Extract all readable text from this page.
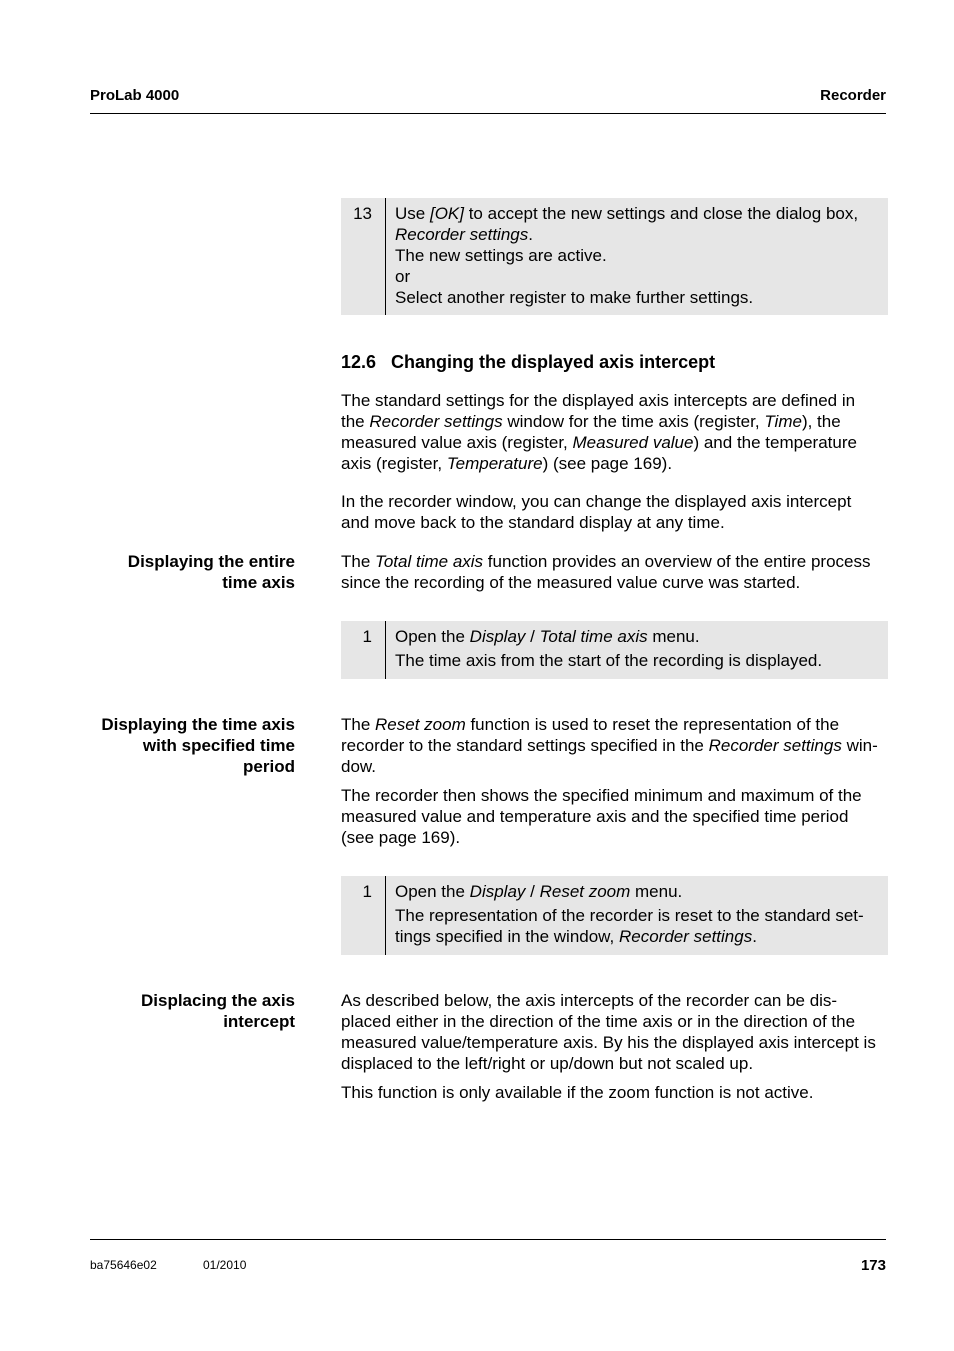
ProLab 4000	Recorder
13 Use [OK] to accept the new settings and close the dialog box,

Recorder settings.

The new settings are active.

or

Select another register to make further settings.

12.6 Changing the displayed axis intercept

The standard settings for the displayed axis intercepts are defined in

the Recorder settings window for the time axis (register, Time), the

measured value axis (register, Measured value) and the temperature

axis (register, Temperature) (see page 169).

In the recorder window, you can change the displayed axis intercept

and move back to the standard display at any time.

Displaying the entire

time axis

The Total time axis function provides an overview of the entire process

since the recording of the measured value curve was started.

1 Open the Display / Total time axis menu.

The time axis from the start of the recording is displayed.

Displaying the time axis

with specified time

period

The Reset zoom function is used to reset the representation of the

recorder to the standard settings specified in the Recorder settings win-

dow.

The recorder then shows the specified minimum and maximum of the

measured value and temperature axis and the specified time period

(see page 169).

1 Open the Display / Reset zoom menu.

The representation of the recorder is reset to the standard set-

tings specified in the window, Recorder settings.

Displacing the axis

intercept

As described below, the axis intercepts of the recorder can be dis-

placed either in the direction of the time axis or in the direction of the

measured value/temperature axis. By his the displayed axis intercept is

displaced to the left/right or up/down but not scaled up.

This function is only available if the zoom function is not active.

ba75646e02	01/2010	173
